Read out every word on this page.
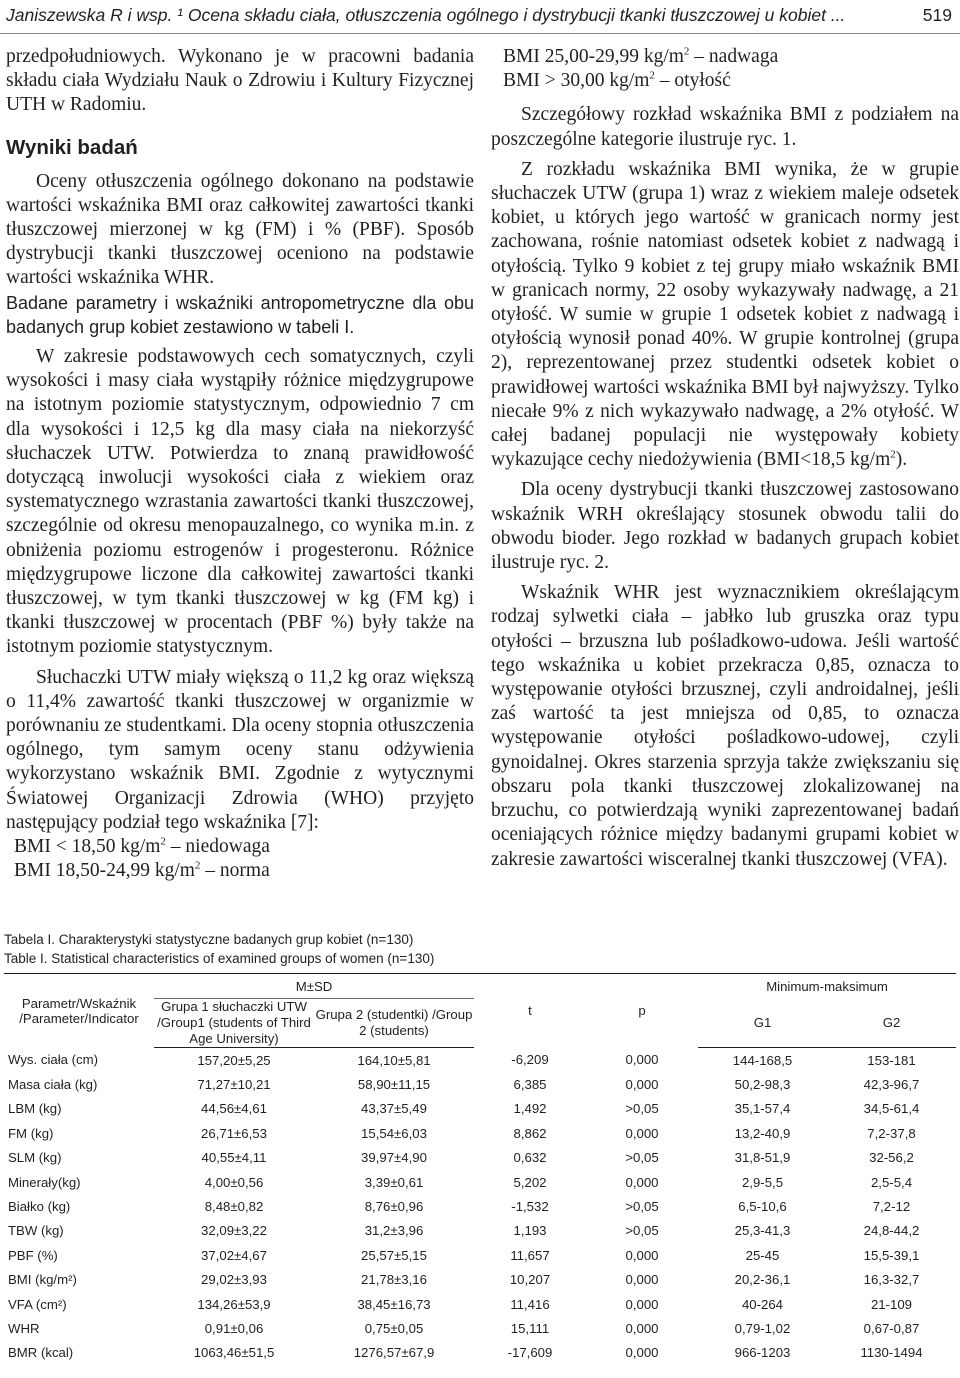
Janiszewska R i wsp. ¹ Ocena składu ciała, otłuszczenia ogólnego i dystrybucji tkanki tłuszczowej u kobiet ...	519

przedpołudniowych. Wykonano je w pracowni badania składu ciała Wydziału Nauk o Zdrowiu i Kultury Fizycznej UTH w Radomiu.

Wyniki badań

Oceny otłuszczenia ogólnego dokonano na podstawie wartości wskaźnika BMI oraz całkowitej zawartości tkanki tłuszczowej mierzonej w kg (FM) i % (PBF). Sposób dystrybucji tkanki tłuszczowej oceniono na podstawie wartości wskaźnika WHR.

Badane parametry i wskaźniki antropometryczne dla obu badanych grup kobiet zestawiono w tabeli I.

W zakresie podstawowych cech somatycznych, czyli wysokości i masy ciała wystąpiły różnice międzygrupowe na istotnym poziomie statystycznym, odpowiednio 7 cm dla wysokości i 12,5 kg dla masy ciała na niekorzyść słuchaczek UTW. Potwierdza to znaną prawidłowość dotyczącą inwolucji wysokości ciała z wiekiem oraz systematycznego wzrastania zawartości tkanki tłuszczowej, szczególnie od okresu menopauzalnego, co wynika m.in. z obniżenia poziomu estrogenów i progesteronu. Różnice międzygrupowe liczone dla całkowitej zawartości tkanki tłuszczowej, w tym tkanki tłuszczowej w kg (FM kg) i tkanki tłuszczowej w procentach (PBF %) były także na istotnym poziomie statystycznym.

Słuchaczki UTW miały większą o 11,2 kg oraz większą o 11,4% zawartość tkanki tłuszczowej w organizmie w porównaniu ze studentkami. Dla oceny stopnia otłuszczenia ogólnego, tym samym oceny stanu odżywienia wykorzystano wskaźnik BMI. Zgodnie z wytycznymi Światowej Organizacji Zdrowia (WHO) przyjęto następujący podział tego wskaźnika [7]:

BMI < 18,50 $kg/m^2$ – niedowaga

BMI 18,50-24,99 $kg/m^2$ – norma

BMI 25,00-29,99 $kg/m^2$ – nadwaga

BMI > 30,00 $kg/m^2$ – otyłość

Szczegółowy rozkład wskaźnika BMI z podziałem na poszczególne kategorie ilustruje ryc. 1.

Z rozkładu wskaźnika BMI wynika, że w grupie słuchaczek UTW (grupa 1) wraz z wiekiem maleje odsetek kobiet, u których jego wartość w granicach normy jest zachowana, rośnie natomiast odsetek kobiet z nadwagą i otyłością. Tylko 9 kobiet z tej grupy miało wskaźnik BMI w granicach normy, 22 osoby wykazywały nadwagę, a 21 otyłość. W sumie w grupie 1 odsetek kobiet z nadwagą i otyłością wynosił ponad 40%. W grupie kontrolnej (grupa 2), reprezentowanej przez studentki odsetek kobiet o prawidłowej wartości wskaźnika BMI był najwyższy. Tylko niecałe 9% z nich wykazywało nadwagę, a 2% otyłość. W całej badanej populacji nie występowały kobiety wykazujące cechy niedożywienia (BMI<18,5 $kg/m^2$).

Dla oceny dystrybucji tkanki tłuszczowej zastosowano wskaźnik WRH określający stosunek obwodu talii do obwodu bioder. Jego rozkład w badanych grupach kobiet ilustruje ryc. 2.

Wskaźnik WHR jest wyznacznikiem określającym rodzaj sylwetki ciała – jabłko lub gruszka oraz typu otyłości – brzuszna lub pośladkowo-udowa. Jeśli wartość tego wskaźnika u kobiet przekracza 0,85, oznacza to występowanie otyłości brzusznej, czyli androidalnej, jeśli zaś wartość ta jest mniejsza od 0,85, to oznacza występowanie otyłości pośladkowo-udowej, czyli gynoidalnej. Okres starzenia sprzyja także zwiększaniu się obszaru pola tkanki tłuszczowej zlokalizowanej na brzuchu, co potwierdzają wyniki zaprezentowanej badań oceniających różnice między badanymi grupami kobiet w zakresie zawartości wisceralnej tkanki tłuszczowej (VFA).

Tabela I. Charakterystyki statystyczne badanych grup kobiet (n=130)
Table I. Statistical characteristics of examined groups of women (n=130)
Parametr/Wskaźnik /Parameter/Indicator	M±SD		t	p	Minimum-maksimum	
	Grupa 1 słuchaczki UTW /Group1 (students of Third Age University)	Grupa 2 (studentki) /Group 2 (students)			G1	G2
Wys. ciała (cm)	157,20±5,25	164,10±5,81	-6,209	0,000	144-168,5	153-181
Masa ciała (kg)	71,27±10,21	58,90±11,15	6,385	0,000	50,2-98,3	42,3-96,7
LBM (kg)	44,56±4,61	43,37±5,49	1,492	>0,05	35,1-57,4	34,5-61,4
FM (kg)	26,71±6,53	15,54±6,03	8,862	0,000	13,2-40,9	7,2-37,8
SLM (kg)	40,55±4,11	39,97±4,90	0,632	>0,05	31,8-51,9	32-56,2
Minerały(kg)	4,00±0,56	3,39±0,61	5,202	0,000	2,9-5,5	2,5-5,4
Białko (kg)	8,48±0,82	8,76±0,96	-1,532	>0,05	6,5-10,6	7,2-12
TBW (kg)	32,09±3,22	31,2±3,96	1,193	>0,05	25,3-41,3	24,8-44,2
PBF (%)	37,02±4,67	25,57±5,15	11,657	0,000	25-45	15,5-39,1
BMI (kg/m²)	29,02±3,93	21,78±3,16	10,207	0,000	20,2-36,1	16,3-32,7
VFA (cm²)	134,26±53,9	38,45±16,73	11,416	0,000	40-264	21-109
WHR	0,91±0,06	0,75±0,05	15,111	0,000	0,79-1,02	0,67-0,87
BMR (kcal)	1063,46±51,5	1276,57±67,9	-17,609	0,000	966-1203	1130-1494
